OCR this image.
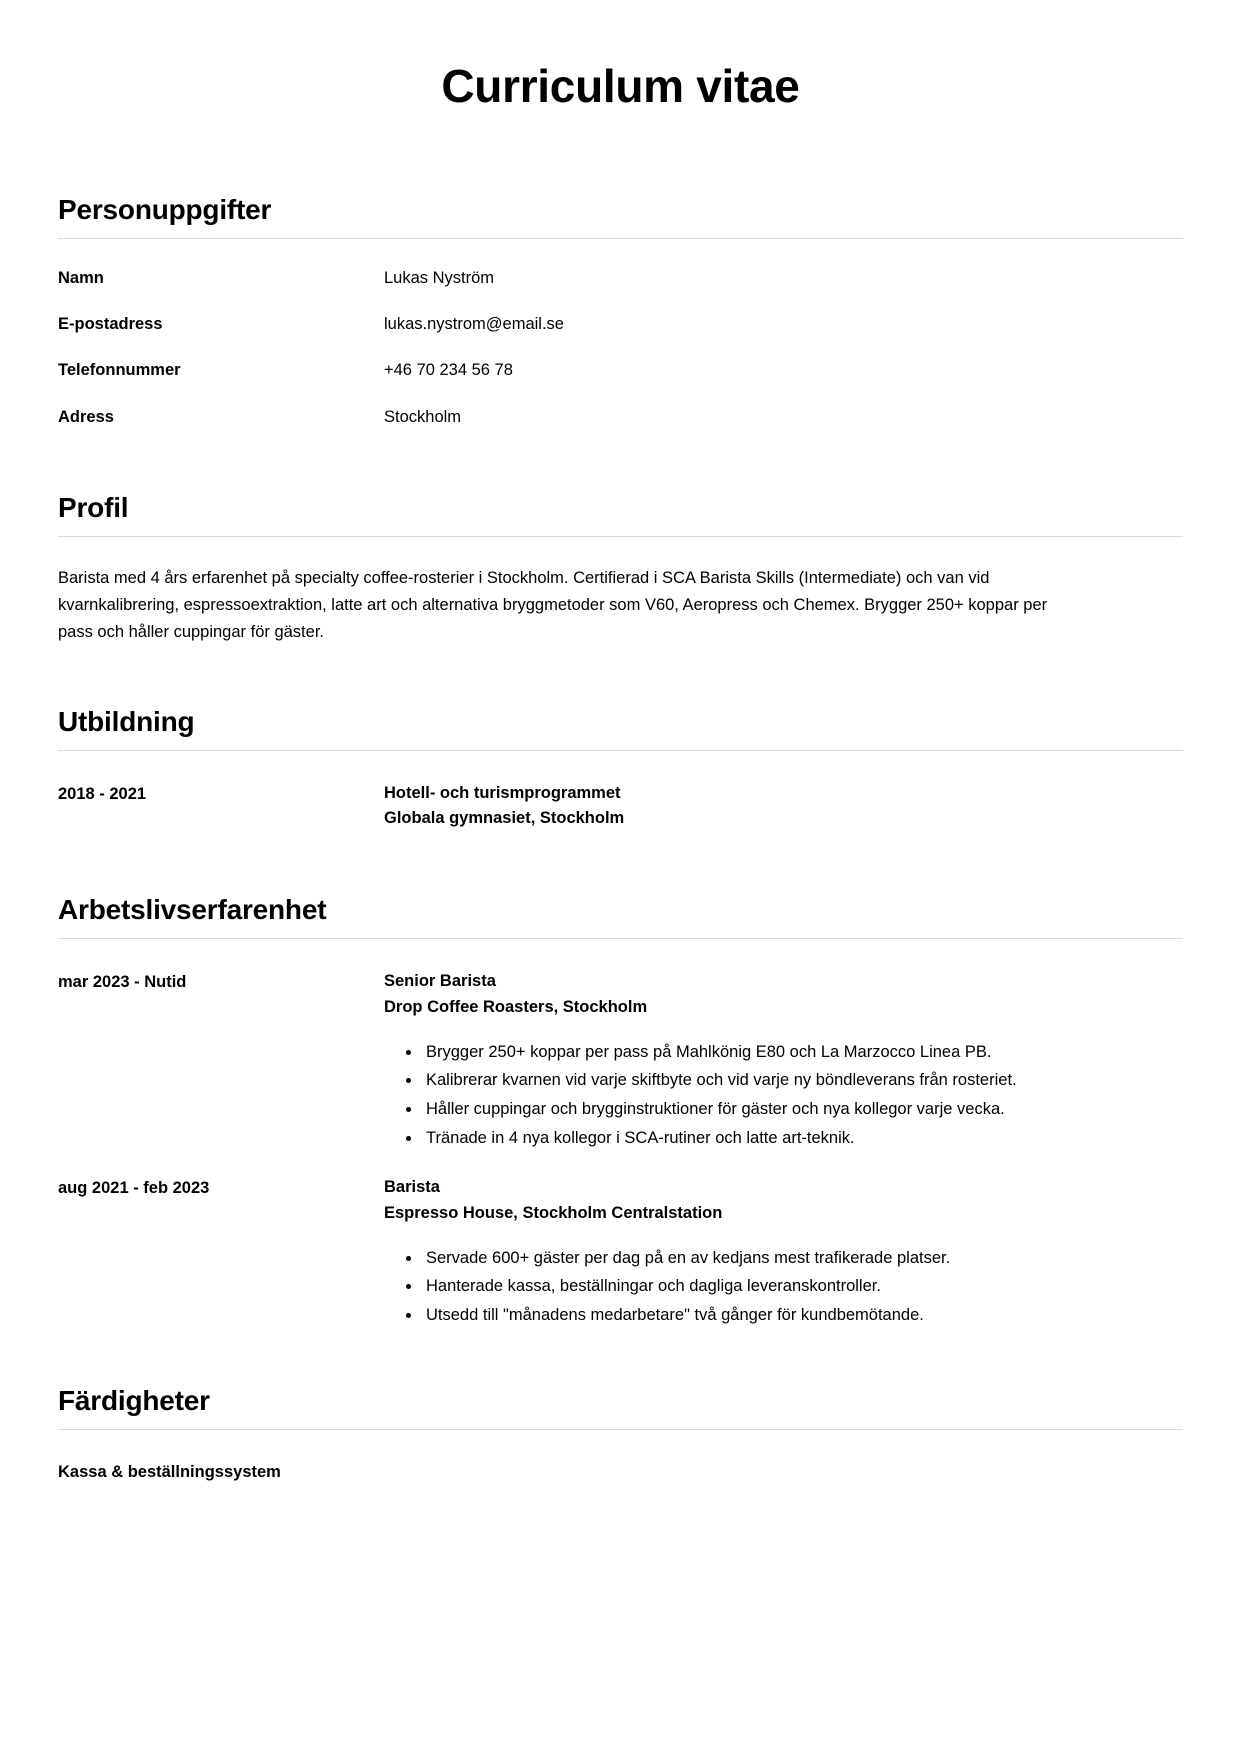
Curriculum vitae
Personuppgifter
Namn	Lukas Nyström
E-postadress	lukas.nystrom@email.se
Telefonnummer	+46 70 234 56 78
Adress	Stockholm
Profil

Barista med 4 års erfarenhet på specialty coffee-rosterier i Stockholm. Certifierad i SCA Barista Skills (Intermediate) och van vid kvarnkalibrering, espressoextraktion, latte art och alternativa bryggmetoder som V60, Aeropress och Chemex. Brygger 250+ koppar per pass och håller cuppingar för gäster.

Utbildning
2018 - 2021	Hotell- och turismprogrammet
Globala gymnasiet, Stockholm
Arbetslivserfarenhet
mar 2023 - Nutid	Senior Barista
Drop Coffee Roasters, Stockholm
• Brygger 250+ koppar per pass på Mahlkönig E80 och La Marzocco Linea PB.
• Kalibrerar kvarnen vid varje skiftbyte och vid varje ny böndleverans från rosteriet.
• Håller cuppingar och brygginstruktioner för gäster och nya kollegor varje vecka.
• Tränade in 4 nya kollegor i SCA-rutiner och latte art-teknik.
aug 2021 - feb 2023	Barista
Espresso House, Stockholm Centralstation
• Servade 600+ gäster per dag på en av kedjans mest trafikerade platser.
• Hanterade kassa, beställningar och dagliga leveranskontroller.
• Utsedd till "månadens medarbetare" två gånger för kundbemötande.
Färdigheter
Kassa & beställningssystem
